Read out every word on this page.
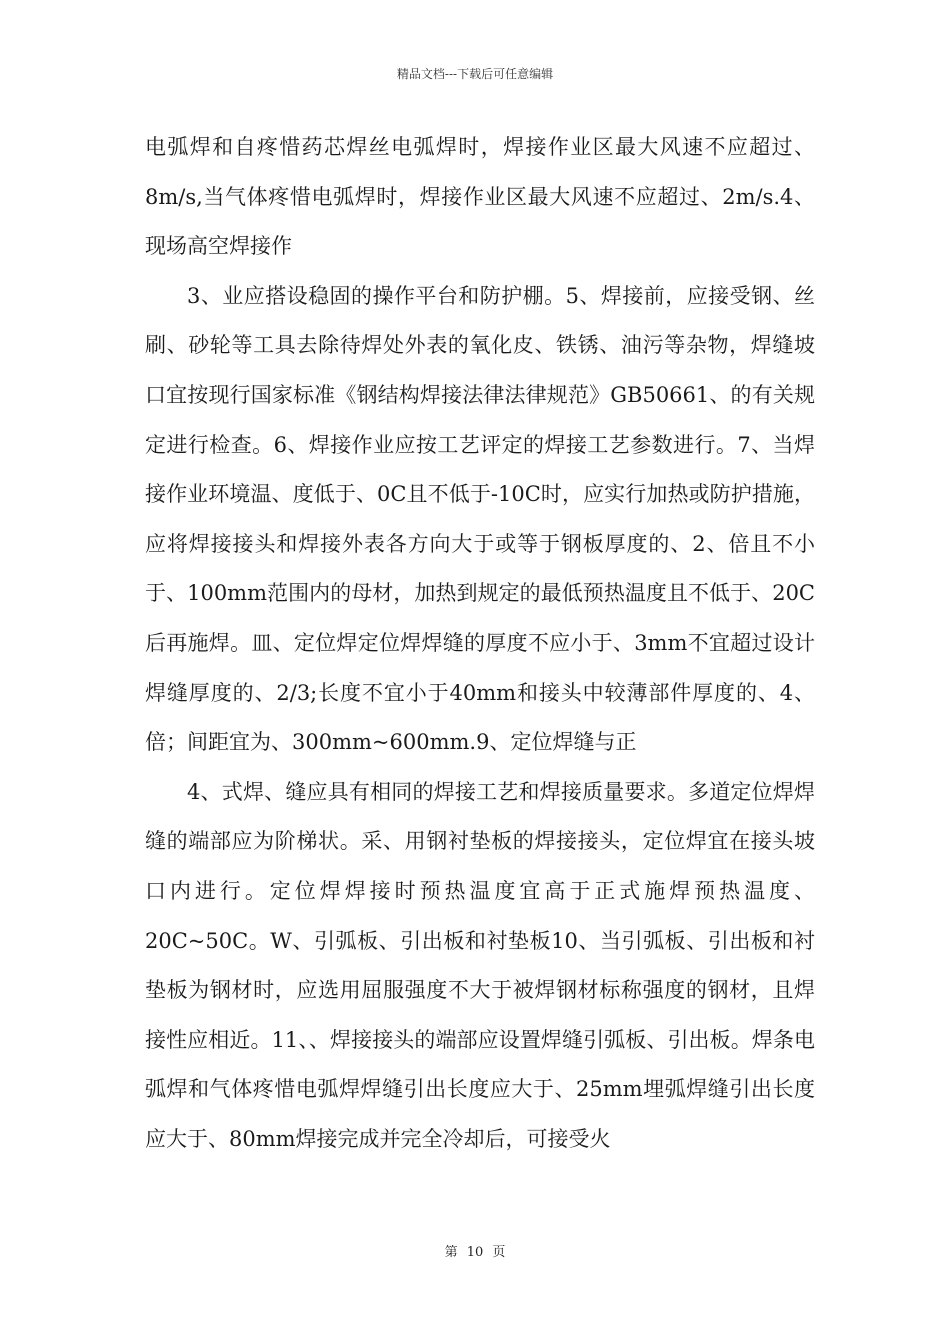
精品文档---下载后可任意编辑

电弧焊和自疼惜药芯焊丝电弧焊时，焊接作业区最大风速不应超过、8m/s,当气体疼惜电弧焊时，焊接作业区最大风速不应超过、2m/s.4、现场高空焊接作

3、业应搭设稳固的操作平台和防护棚。5、焊接前，应接受钢、丝刷、砂轮等工具去除待焊处外表的氧化皮、铁锈、油污等杂物，焊缝坡口宜按现行国家标准《钢结构焊接法律法律规范》GB50661、的有关规定进行检查。6、焊接作业应按工艺评定的焊接工艺参数进行。7、当焊接作业环境温、度低于、0C且不低于-10C时，应实行加热或防护措施，应将焊接接头和焊接外表各方向大于或等于钢板厚度的、2、倍且不小于、100mm范围内的母材，加热到规定的最低预热温度且不低于、20C后再施焊。皿、定位焊定位焊焊缝的厚度不应小于、3mm不宜超过设计焊缝厚度的、2/3;长度不宜小于40mm和接头中较薄部件厚度的、4、倍；间距宜为、300mm~600mm.9、定位焊缝与正

4、式焊、缝应具有相同的焊接工艺和焊接质量要求。多道定位焊焊缝的端部应为阶梯状。采、用钢衬垫板的焊接接头，定位焊宜在接头坡口内进行。定位焊焊接时预热温度宜高于正式施焊预热温度、20C~50C。W、引弧板、引出板和衬垫板10、当引弧板、引出板和衬垫板为钢材时，应选用屈服强度不大于被焊钢材标称强度的钢材，且焊接性应相近。11、、焊接接头的端部应设置焊缝引弧板、引出板。焊条电弧焊和气体疼惜电弧焊焊缝引出长度应大于、25mm埋弧焊缝引出长度应大于、80mm焊接完成并完全冷却后，可接受火

第 10 页
